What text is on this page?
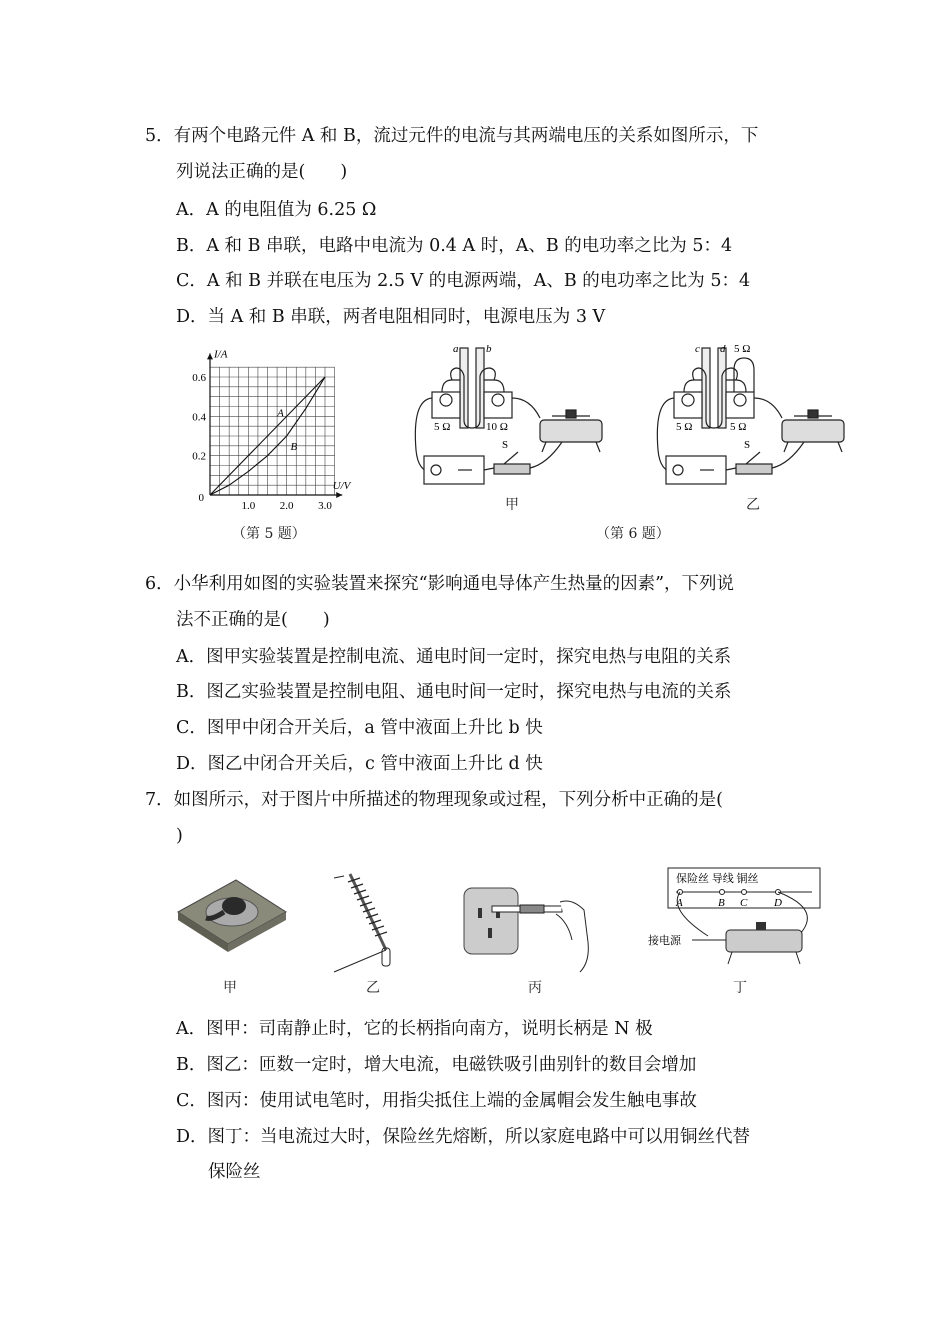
5．有两个电路元件 A 和 B，流过元件的电流与其两端电压的关系如图所示，下
列说法正确的是(　　)
A．A 的电阻值为 6.25 Ω
B．A 和 B 串联，电路中电流为 0.4 A 时，A、B 的电功率之比为 5：4
C．A 和 B 并联在电压为 2.5 V 的电源两端，A、B 的电功率之比为 5：4
D．当 A 和 B 串联，两者电阻相同时，电源电压为 3 V
1.0 2.0 3.0
0.2
0.4
0.6
0
U/V
I/A
A
B
（第 5 题）
a	b
5 Ω	10 Ω
S
甲
c d 5 Ω
5 Ω	5 Ω
S
乙
（第 6 题）
6．小华利用如图的实验装置来探究“影响通电导体产生热量的因素”，下列说
法不正确的是(　　)
A．图甲实验装置是控制电流、通电时间一定时，探究电热与电阻的关系
B．图乙实验装置是控制电阻、通电时间一定时，探究电热与电流的关系
C．图甲中闭合开关后，a 管中液面上升比 b 快
D．图乙中闭合开关后，c 管中液面上升比 d 快
7．如图所示，对于图片中所描述的物理现象或过程，下列分析中正确的是(
)
甲	乙	丙
保险丝 导线 铜丝
A	B C D
接电源
丁
A．图甲：司南静止时，它的长柄指向南方，说明长柄是 N 极
B．图乙：匝数一定时，增大电流，电磁铁吸引曲别针的数目会增加
C．图丙：使用试电笔时，用指尖抵住上端的金属帽会发生触电事故
D．图丁：当电流过大时，保险丝先熔断，所以家庭电路中可以用铜丝代替
保险丝
